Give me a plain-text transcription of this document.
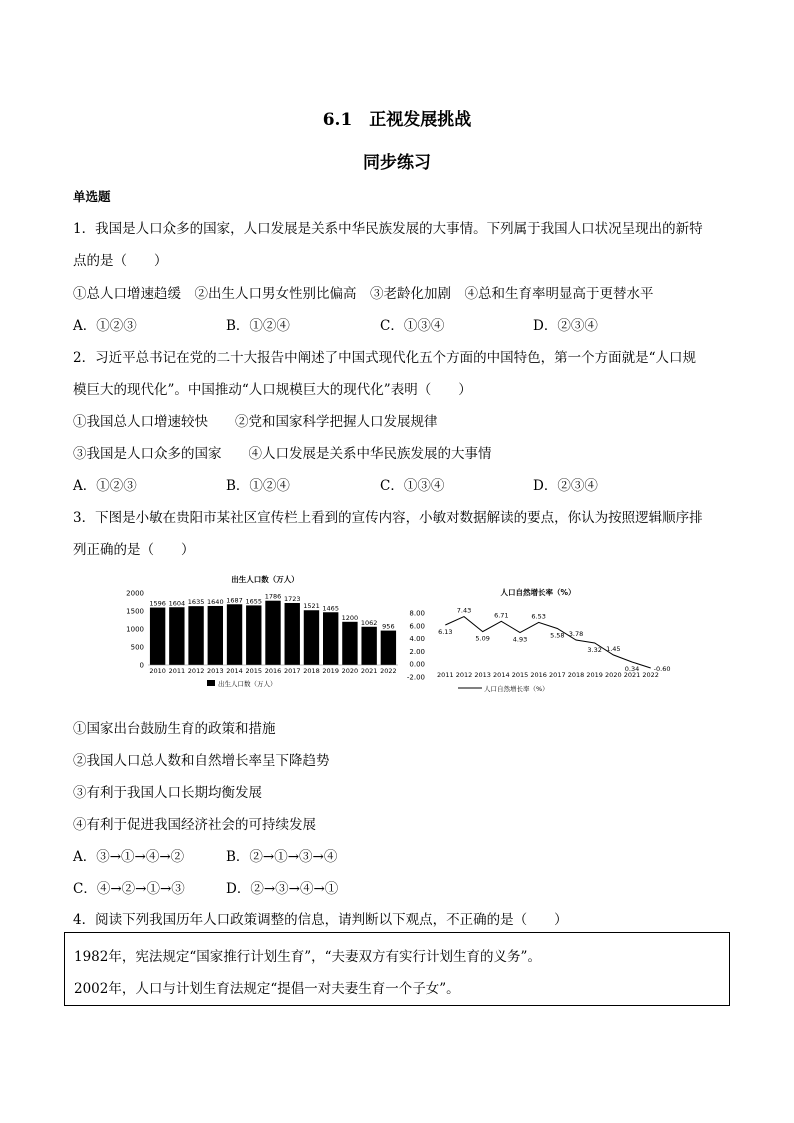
6.1　正视发展挑战
同步练习
单选题
1．我国是人口众多的国家，人口发展是关系中华民族发展的大事情。下列属于我国人口状况呈现出的新特
点的是（　　）
①总人口增速趋缓　②出生人口男女性别比偏高　③老龄化加剧　④总和生育率明显高于更替水平
A．①②③	B．①②④	C．①③④	D．②③④
2．习近平总书记在党的二十大报告中阐述了中国式现代化五个方面的中国特色，第一个方面就是“人口规
模巨大的现代化”。中国推动“人口规模巨大的现代化”表明（　　）
①我国总人口增速较快　　②党和国家科学把握人口发展规律
③我国是人口众多的国家　　④人口发展是关系中华民族发展的大事情
A．①②③	B．①②④	C．①③④	D．②③④
3．下图是小敏在贵阳市某社区宣传栏上看到的宣传内容，小敏对数据解读的要点，你认为按照逻辑顺序排
列正确的是（　　）
出生人口数（万人）
2000
1500
1000
500
0
1596 1604 1635 1640 1687 1655
1786 1723
1521 1465
1200
1062 956
2010 2011 2012 2013 2014 2015 2016 2017 2018 2019 2020 2021 2022
出生人口数（万人）
人口自然增长率（%）
8.00
6.00
4.00
2.00
0.00
-2.00 2011 2012 2013 2014 2015 2016 2017 2018 2019 2020 2021 2022
6.13
7.43
5.09
6.71
4.93
6.53
5.58 3.78
3.32 1.45
0.34 -0.60
人口自然增长率（%）
①国家出台鼓励生育的政策和措施
②我国人口总人数和自然增长率呈下降趋势
③有利于我国人口长期均衡发展
④有利于促进我国经济社会的可持续发展
A．③→①→④→②	B．②→①→③→④
C．④→②→①→③	D．②→③→④→①
4．阅读下列我国历年人口政策调整的信息，请判断以下观点，不正确的是（　　）
1982年，宪法规定“国家推行计划生育”，“夫妻双方有实行计划生育的义务”。
2002年，人口与计划生育法规定“提倡一对夫妻生育一个子女”。
